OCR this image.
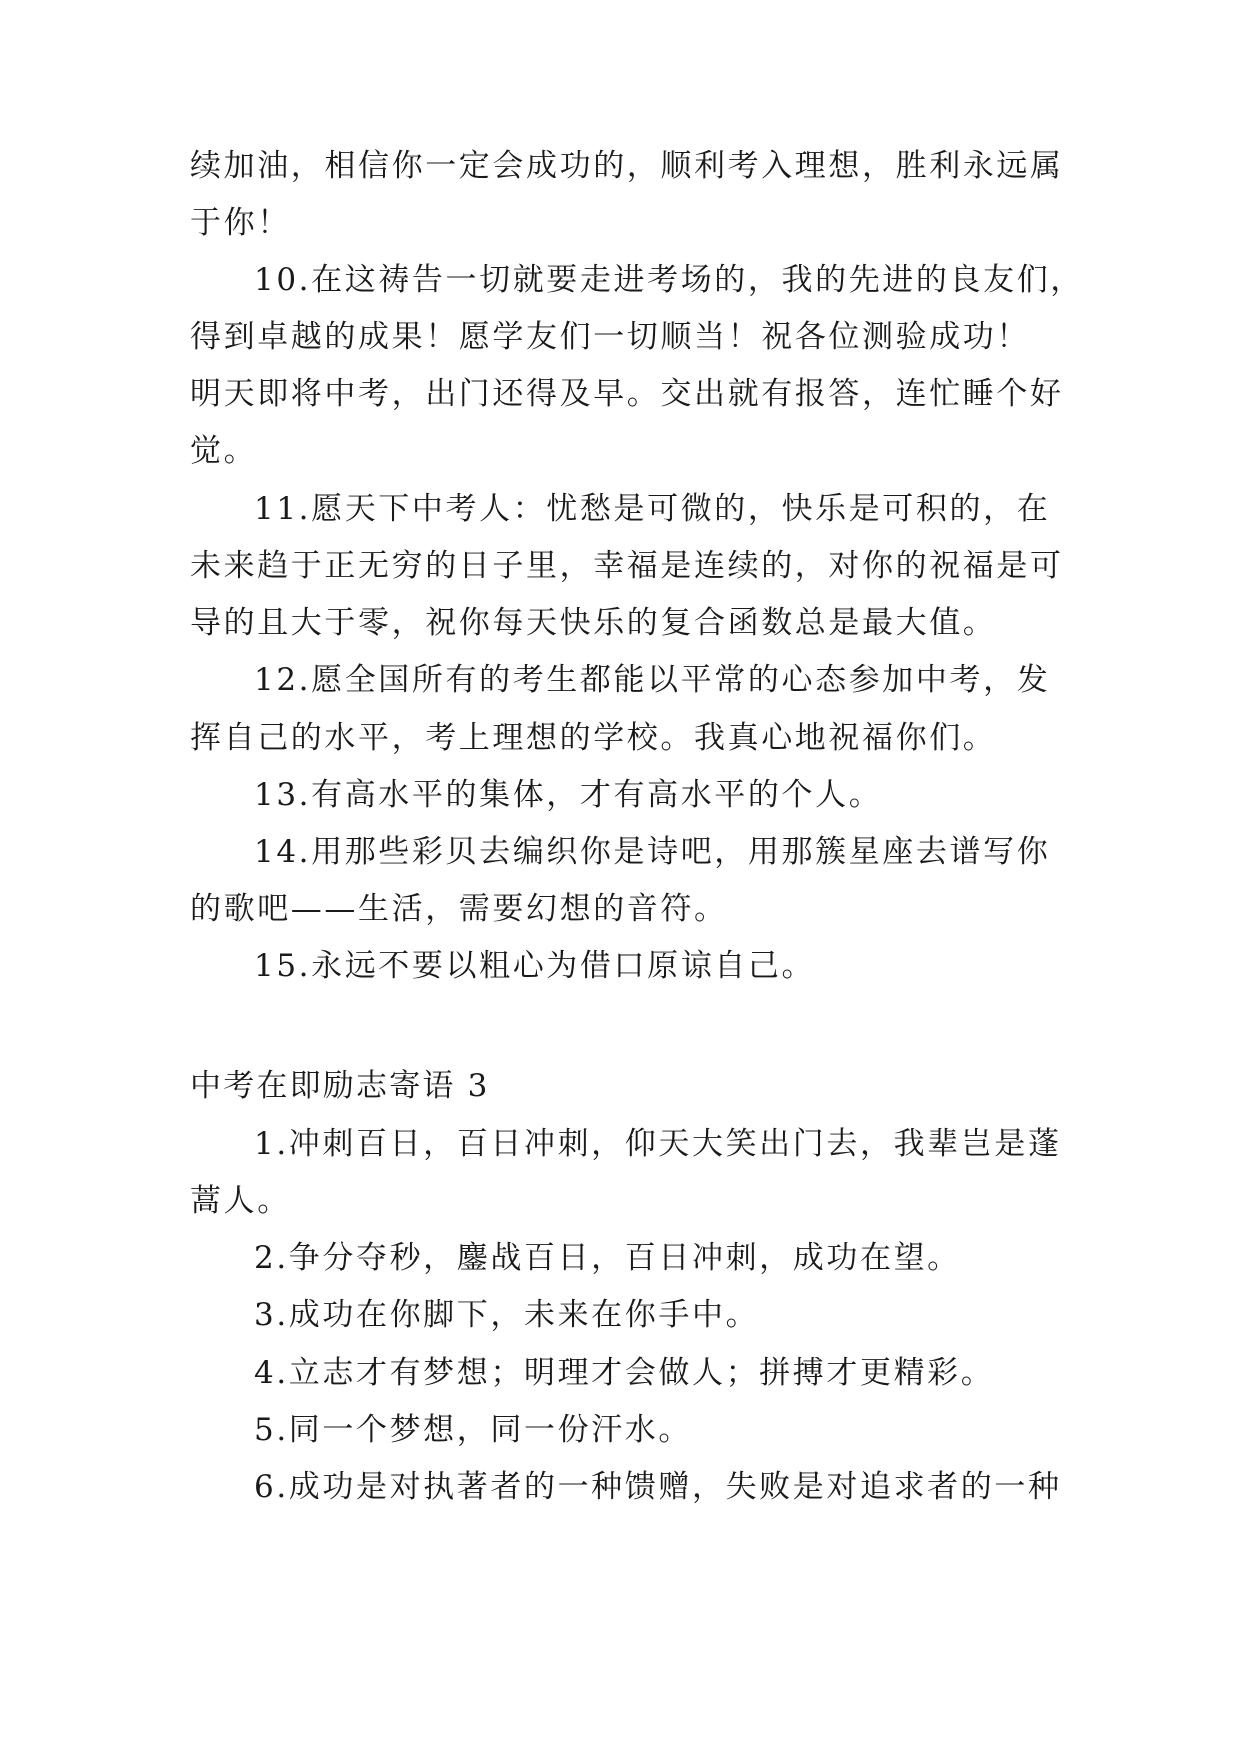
续加油，相信你一定会成功的，顺利考入理想，胜利永远属
于你！
10.在这祷告一切就要走进考场的，我的先进的良友们，
得到卓越的成果！愿学友们一切顺当！祝各位测验成功！
明天即将中考，出门还得及早。交出就有报答，连忙睡个好
觉。
11.愿天下中考人：忧愁是可微的，快乐是可积的，在
未来趋于正无穷的日子里，幸福是连续的，对你的祝福是可
导的且大于零，祝你每天快乐的复合函数总是最大值。
12.愿全国所有的考生都能以平常的心态参加中考，发
挥自己的水平，考上理想的学校。我真心地祝福你们。
13.有高水平的集体，才有高水平的个人。
14.用那些彩贝去编织你是诗吧，用那簇星座去谱写你
的歌吧——生活，需要幻想的音符。
15.永远不要以粗心为借口原谅自己。
中考在即励志寄语 3
1.冲刺百日，百日冲刺，仰天大笑出门去，我辈岂是蓬
蒿人。
2.争分夺秒，鏖战百日，百日冲刺，成功在望。
3.成功在你脚下，未来在你手中。
4.立志才有梦想；明理才会做人；拼搏才更精彩。
5.同一个梦想，同一份汗水。
6.成功是对执著者的一种馈赠，失败是对追求者的一种
